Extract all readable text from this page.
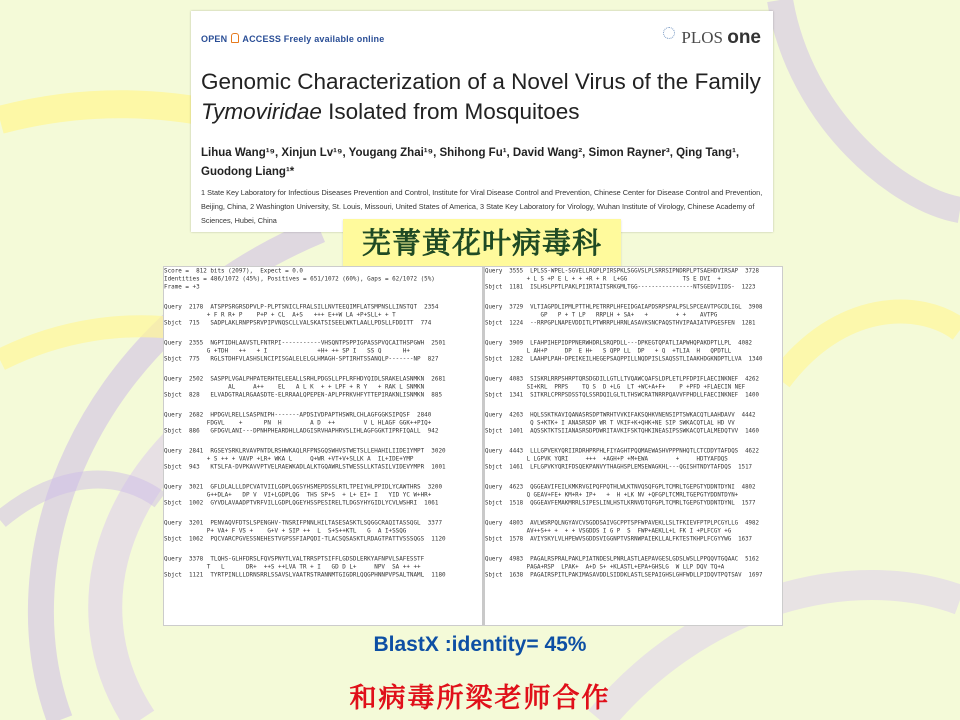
OPEN ACCESS Freely available online	PLOS one
Genomic Characterization of a Novel Virus of the Family
Tymoviridae Isolated from Mosquitoes
Lihua Wang¹⁹, Xinjun Lv¹⁹, Yougang Zhai¹⁹, Shihong Fu¹, David Wang², Simon Rayner³, Qing Tang¹, Guodong Liang¹*
1 State Key Laboratory for Infectious Diseases Prevention and Control, Institute for Viral Disease Control and Prevention, Chinese Center for Disease Control and Prevention, Beijing, China, 2 Washington University, St. Louis, Missouri, United States of America, 3 State Key Laboratory for Virology, Wuhan Institute of Virology, Chinese Academy of Sciences, Hubei, China
芜菁黄花叶病毒科
Score =  812 bits (2097),  Expect = 0.0
Identities = 486/1072 (45%), Positives = 651/1072 (60%), Gaps = 62/1072 (5%)
Frame = +3
Query  2178  ATSPPSRGRSDPVLP-PLPTSNICLFRALSILLNVTEEQIMFLATSMPNSLLINSTQT  2354
+ F R R+ P    P+P + CL  A+S   +++ E++W LA +P+SLL+ + T
Sbjct  715   SADPLAKLRNPPSRVPIPVNQSCLLVALSKATSISEELWKTLAALLPDSLLFDDITT  774
Query  2355  NGPTIDHLAAVSTLFNTRPI-----------VHSQNTPSPPIGPASSPVQCAITHSPGWH  2501
G +TDH   ++   + I              +H+ ++ SP I   SS Q      H+
Sbjct  775   RGLSTDHFVLASHSLNCIPISGALELELGLHMAGH-SPTIRHTSSANQLP-------NP  827
Query  2502  SASPPLVGALPHPATERHTELEEALLSRHLPDGSLLPFLRFHDYQIDLSRAKELASNMKN  2681
AL     A++    EL   A L K  + + LPF + R Y   + RAK L SNMKN
Sbjct  828   ELVADGTRALRGAASDTE-ELRRAALQPEPEN-APLPFRKVHFYTTEPIRAKNLISNMKN  885
Query  2682  HPDGVLRELLSASPNIPH-------APDSIVDPAPTHSWRLCHLAGFGGKSIPQSF  2840
FDGVL    +      PN  H        A D  ++        V L HLAGF GGK++PIQ+
Sbjct  886   GFDGVLANI---DPNHPHEARDHLLADGISRVHAPHRVSLIHLAGFGGKTIPRFIQALL  942
Query  2841  RGSEYSRKLRVAVPNTDLRSHWKAQLRFPNSGQSWHVSTWETSLLEHAHILIIDEIYMPT  3020
+ S ++ + VAVP +LR+ WKA L     Q+WR +VT+V+SLLK A  IL+IDE+YMP
Sbjct  943   KTSLFA-DVPKAVVPTVELRAEWKADLALKTGQAWRLSTWESSLLKTASILVIDEVYMPR  1001
Query  3021  GFLDLALLLDPCVATVIILGDPLQGSYHSMEPDSSLRTLTPEIYHLPPIDLYCAWTHRS  3200
G++DLA+   DP V  VI+LGDPLQG  THS SP+S  + L+ EI+ I   YID YC W+HR+
Sbjct  1002  GYVDLAVAADPTVRFVILLGDPLQGEYHSSPESIRELTLDGSYHYGIDLYCVLWSHRI  1061
Query  3201  PENVAQVFDTSLSPENGHV-TNSRIFPNNLHILTASESASKTLSQGGCRAQITASSQGL  3377
P+ VA+ F VS +    G+V + SIP ++  L  S+S++KTL   G  A I+SSQG
Sbjct  1062  PQCVARCPGVESSNEHESTVGPSSFIAPQDI-TLACSQSASKTLRDAGTPATTVSSSQGS  1120
Query  3378  TLQHS-GLHFDRSLFQVSPNYTLVALTRRSPTSIFFLGDSDLERKYAFNPVLSAFESSTF
T   L      DR+  ++S ++LVA TR + I   GD D L+     NPV  SA ++ ++
Sbjct  1121  TYRTPINLLLDRNSRRLSSAVSLVAATRSTRANNMTGIGDRLQQGPHNNPVPSALTNAML  1180
Query  3555  LPLSS-WPEL-SGVELLRQPLPIRSPKLSGGVSLPLSRRSIPNDRPLPTSAEHDVIRSAP  3728
+ L S +P E L + + +R + R  L+GG                TS E DVI  +
Sbjct  1181  ISLHSLPPTLPAKLPIIRTAITSRKGMLTGG----------------NTSGEDVIIDS-  1223
Query  3729  VLTIAGPDLIPMLPTTHLPETRRPLHFEIDGAIAPDSRPSPALPSLSPCEAVTPGCDLIGL  3908
GP   P + T LP   RRPLH + SA+   +        + +    AVTPG
Sbjct  1224  --RRPGPLNAPEVDDITLPTWRRPLHRNLASAVKSNCPAQSTHVIPAAIATVPGESFEN  1281
Query  3909  LFAHPIHEPIDPPNERWHDRLSRQPDLL---DPKEGTQPATLIAPWHQPAKDPTLLPL  4082
L AH+P     DP  E H+   S QPP LL  DP   + Q  +TLIA  H   QPDTLL
Sbjct  1282  LAAHPLPAH-DPEIKEILHEGEPSAQPPILLNQDPISLSAQSSTLIAAKHDGKNDPTLLVA  1340
Query  4083  SISKRLRRPSHRPTQRSDGDILLGTLLTVQAWCQAFSLDPLETLPFDPIFLAECINKNEF  4262
SI+KRL  PRPS    TQ S  D +LG  LT +WC+A+F+    P +PFD +FLAECIN NEF
Sbjct  1341  SITKRLCPRPSDSSTQLSSRDQILGLTLTHSWCRATNRRPQAVVFPHDLLFAECINKNEF  1400
Query  4263  HQLSSKTKAVIQANASRSDPTWRHTVVKIFAKSQHKVNENSIPTSWKACQTLAAHDAVV  4442
Q S+KTK+ I ANASRSDP WR T VKIF+K+QHK+NE SIP SWKACQTLAL HD VV
Sbjct  1401  AQSSKTKTSIIANASRSDPDWRITAVKIFSKTQHKINEASIPSSWKACQTLALMEDQTVV  1460
Query  4443  LLLGPVEKYQRIIRDRHPRPHLFIYAGHTPQQMAEWASHVPPPNHQTLCTCDDYTAFDQS  4622
L LGPVK YQRI     +++  +AGH+P +M+EWA        +     HDTYAFDQS
Sbjct  1461  LFLGPVKYQRIFDSQEKPANVYTHAGHSPLEMSEWAGKHL---QGISHTNDYTAFDQS  1517
Query  4623  QGGEAVIFEILKMKRVGIPQFPQTHLWLKTNVQSQFGPLTCMRLTGEPGTYDDNTDYNI  4802
Q GEAV+FE+ KM+R+ IP+   +  H +LK NV +QFGPLTCMRLTGEPGTYDDNTDYN+
Sbjct  1518  QGGEAVFEMAKMRRLSIPESLINLHSTLKRNVDTQFGPLTCMRLTGEPGTYDDNTDYNL  1577
Query  4803  AVLWSRPQLNGYAVCVSGDDSAIVGCPPTSPFWPAVEKLLSLTFKIEVFPTPLPCGYLLG  4982
AV++S++ +  + + VSGDDS I G P  S  FWP+AEKLL+L FK I +PLFCGY +G
Sbjct  1578  AVIYSKYLVLHPEWVSGDDSVIGGNPTVSRNWPAIEKLLALFKTESTKHPLFCGYYWG  1637
Query  4983  PAGALRSPRALPAKLPIATNDESLPNRLASTLAEPAVGESLGDSLWSLLPPQQVTGQAAC  5162
PAGA+RSP  LPAK+  A+D S+ +KLASTL+EPA+GHSLG  W LLP DQV TQ+A
Sbjct  1638  PAGAIRSPITLPAKIMASAVDDLSIDDKLASTLSEPAIGHSLGHFWDLLPIDQVTPQTSAV  1697
BlastX :identity= 45%
和病毒所梁老师合作
